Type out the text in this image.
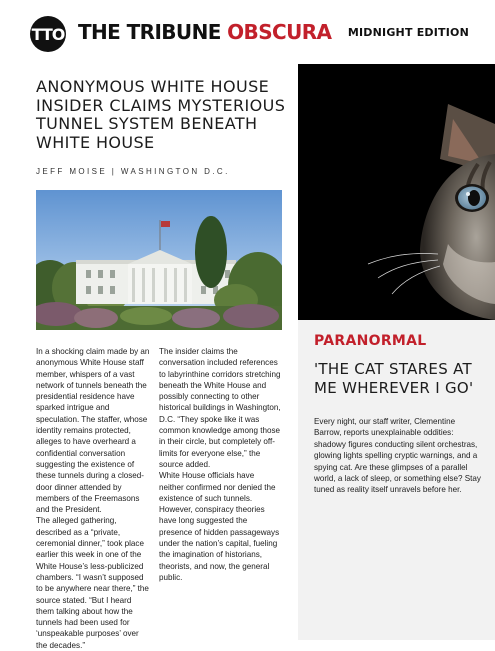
TTO THE TRIBUNE OBSCURA MIDNIGHT EDITION
ANONYMOUS WHITE HOUSE INSIDER CLAIMS MYSTERIOUS TUNNEL SYSTEM BENEATH WHITE HOUSE
JEFF MOISE | WASHINGTON D.C.

In a shocking claim made by an anonymous White House staff member, whispers of a vast network of tunnels beneath the presidential residence have sparked intrigue and speculation. The staffer, whose identity remains protected, alleges to have overheard a confidential conversation suggesting the existence of these tunnels during a closed-door dinner attended by members of the Freemasons and the President.

The alleged gathering, described as a “private, ceremonial dinner,” took place earlier this week in one of the White House’s less-publicized chambers. “I wasn’t supposed to be anywhere near there,” the source stated. “But I heard them talking about how the tunnels had been used for ‘unspeakable purposes’ over the decades.”

The insider claims the conversation included references to labyrinthine corridors stretching beneath the White House and possibly connecting to other historical buildings in Washington, D.C. “They spoke like it was common knowledge among those in their circle, but completely off-limits for everyone else,” the source added.

White House officials have neither confirmed nor denied the existence of such tunnels. However, conspiracy theories have long suggested the presence of hidden passageways under the nation’s capital, fueling the imagination of historians, theorists, and now, the general public.

PARANORMAL
'THE CAT STARES AT ME WHEREVER I GO'

Every night, our staff writer, Clementine Barrow, reports unexplainable oddities: shadowy figures conducting silent orchestras, glowing lights spelling cryptic warnings, and a spying cat. Are these glimpses of a parallel world, a lack of sleep, or something else? Stay tuned as reality itself unravels before her.
